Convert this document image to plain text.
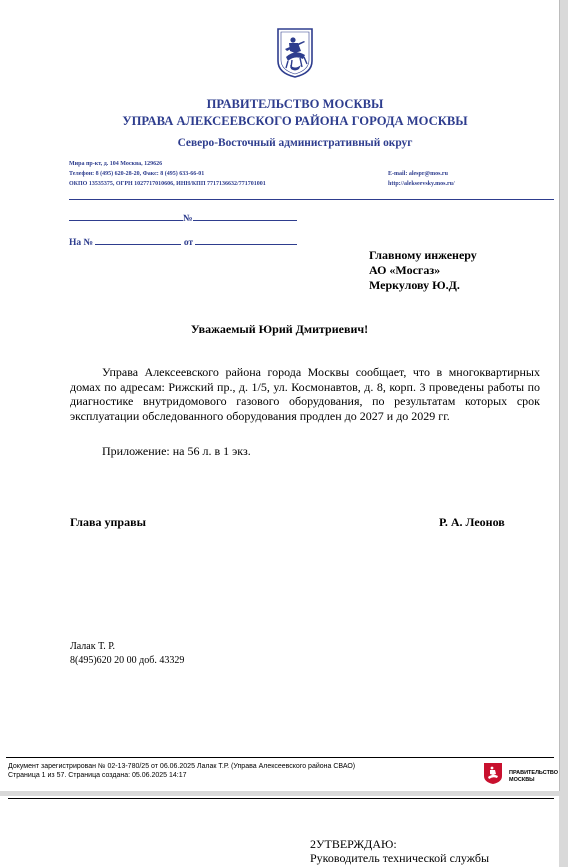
ПРАВИТЕЛЬСТВО МОСКВЫ
УПРАВА АЛЕКСЕЕВСКОГО РАЙОНА ГОРОДА МОСКВЫ
Северо-Восточный административный округ
Мира пр-кт, д. 104 Москва, 129626
Телефон: 8 (495) 620-28-20, Факс: 8 (495) 633-66-01
ОКПО 13535375, ОГРН 1027717010606, ИНН/КПП 7717136632/771701001
E-mail: alespr@mos.ru
http://alekseevsky.mos.ru/
№
На №	от
Главному инженеру
АО «Мосгаз»
Меркулову Ю.Д.
Уважаемый Юрий Дмитриевич!

Управа Алексеевского района города Москвы сообщает, что в многоквартирных домах по адресам: Рижский пр., д. 1/5, ул. Космонавтов, д. 8, корп. 3 проведены работы по диагностике внутридомового газового оборудования, по результатам которых срок эксплуатации обследованного оборудования продлен до 2027 и до 2029 гг.

Приложение: на 56 л. в 1 экз.
Глава управы	Р. А. Леонов
Лалак Т. Р.
8(495)620 20 00 доб. 43329
Документ зарегистрирован № 02-13-780/25 от 06.06.2025 Лалак Т.Р. (Управа Алексеевского района СВАО)
Страница 1 из 57. Страница создана: 05.06.2025 14:17	ПРАВИТЕЛЬСТВО
МОСКВЫ
2УТВЕРЖДАЮ:
Руководитель технической службы
